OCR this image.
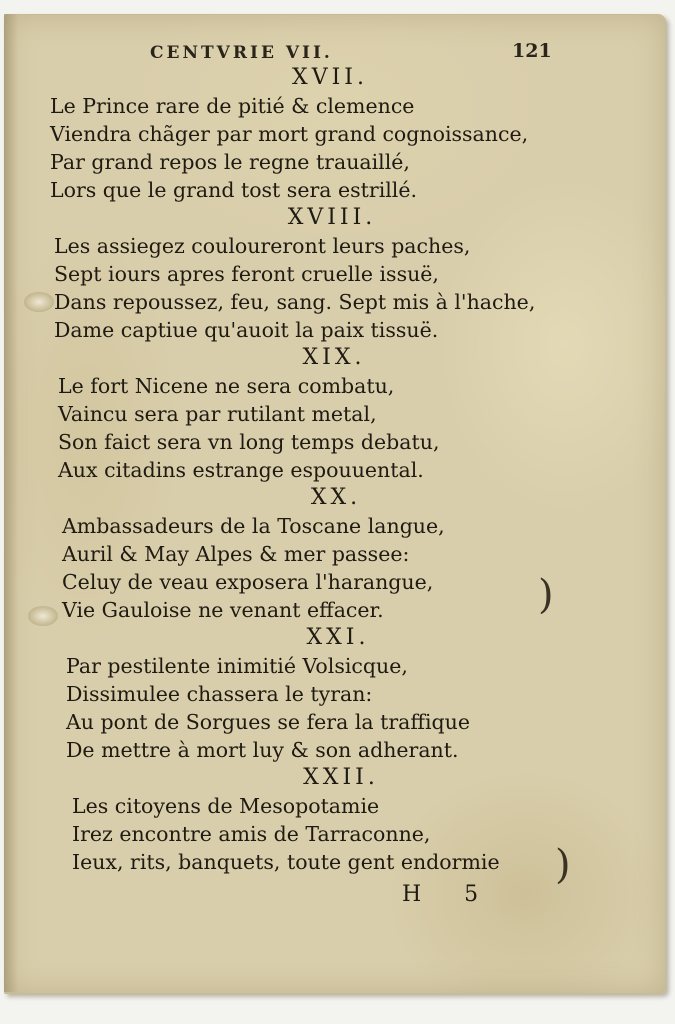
CENTVRIE VII.	121
XVII.
Le Prince rare de pitié & clemence
Viendra chãger par mort grand cognoissance,
Par grand repos le regne trauaillé,
Lors que le grand tost sera estrillé.
XVIII.
Les assiegez couloureront leurs paches,
Sept iours apres feront cruelle issuë,
Dans repoussez, feu, sang. Sept mis à l'hache,
Dame captiue qu'auoit la paix tissuë.
XIX.
Le fort Nicene ne sera combatu,
Vaincu sera par rutilant metal,
Son faict sera vn long temps debatu,
Aux citadins estrange espouuental.
XX.
Ambassadeurs de la Toscane langue,
Auril & May Alpes & mer passee:
Celuy de veau exposera l'harangue,
Vie Gauloise ne venant effacer.
XXI.
Par pestilente inimitié Volsicque,
Dissimulee chassera le tyran:
Au pont de Sorgues se fera la traffique
De mettre à mort luy & son adherant.
XXII.
Les citoyens de Mesopotamie
Irez encontre amis de Tarraconne,
Ieux, rits, banquets, toute gent endormie
H 5
)
)
